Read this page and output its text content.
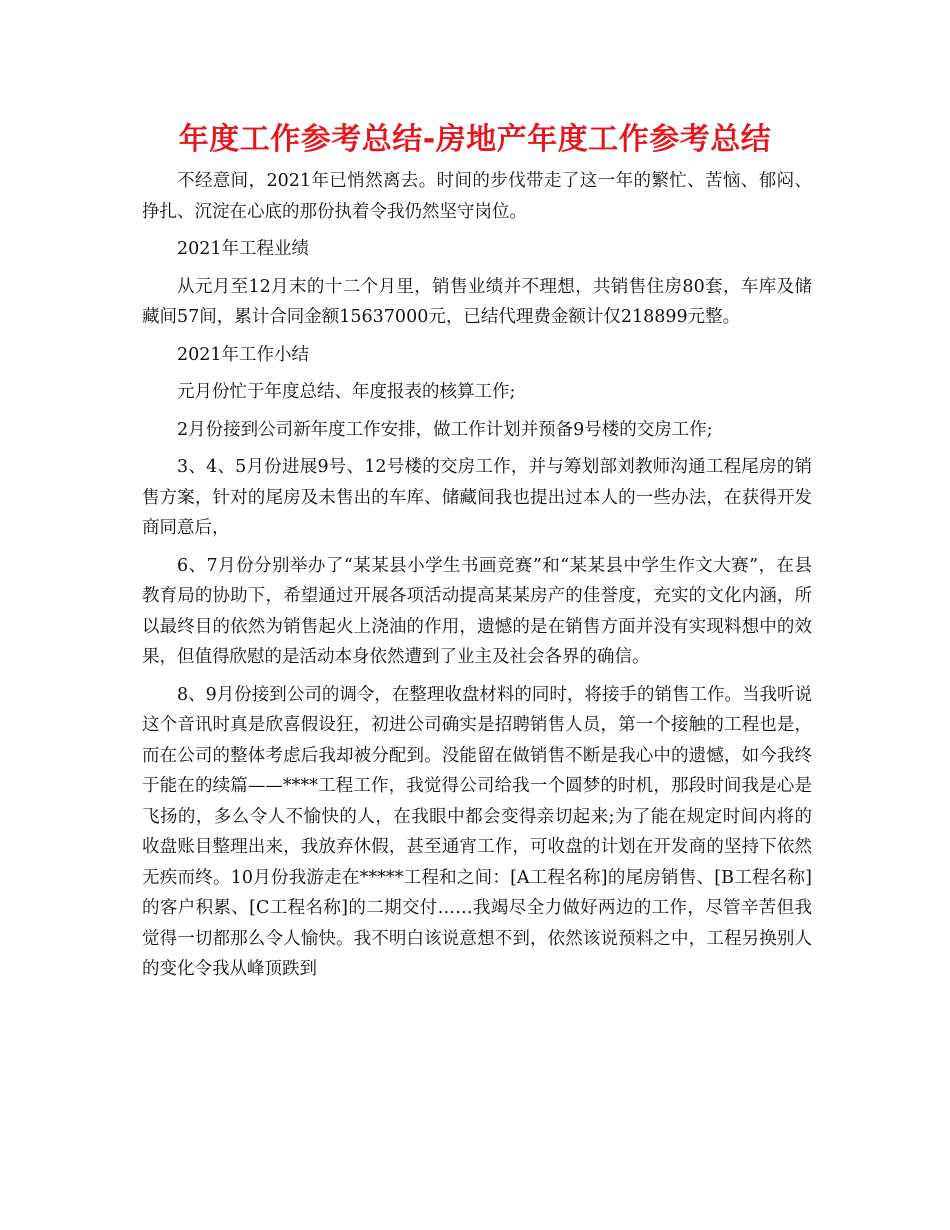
年度工作参考总结-房地产年度工作参考总结

不经意间，2021年已悄然离去。时间的步伐带走了这一年的繁忙、苦恼、郁闷、挣扎、沉淀在心底的那份执着令我仍然坚守岗位。

2021年工程业绩

从元月至12月末的十二个月里，销售业绩并不理想，共销售住房80套，车库及储藏间57间，累计合同金额15637000元，已结代理费金额计仅218899元整。

2021年工作小结

元月份忙于年度总结、年度报表的核算工作;

2月份接到公司新年度工作安排，做工作计划并预备9号楼的交房工作;

3、4、5月份进展9号、12号楼的交房工作，并与筹划部刘教师沟通工程尾房的销售方案，针对的尾房及未售出的车库、储藏间我也提出过本人的一些办法，在获得开发商同意后，

6、7月份分别举办了“某某县小学生书画竞赛”和“某某县中学生作文大赛”，在县教育局的协助下，希望通过开展各项活动提高某某房产的佳誉度，充实的文化内涵，所以最终目的依然为销售起火上浇油的作用，遗憾的是在销售方面并没有实现料想中的效果，但值得欣慰的是活动本身依然遭到了业主及社会各界的确信。

8、9月份接到公司的调令，在整理收盘材料的同时，将接手的销售工作。当我听说这个音讯时真是欣喜假设狂，初进公司确实是招聘销售人员，第一个接触的工程也是，而在公司的整体考虑后我却被分配到。没能留在做销售不断是我心中的遗憾，如今我终于能在的续篇——****工程工作，我觉得公司给我一个圆梦的时机，那段时间我是心是飞扬的，多么令人不愉快的人，在我眼中都会变得亲切起来;为了能在规定时间内将的收盘账目整理出来，我放弃休假，甚至通宵工作，可收盘的计划在开发商的坚持下依然无疾而终。10月份我游走在*****工程和之间：[A工程名称]的尾房销售、[B工程名称]的客户积累、[C工程名称]的二期交付……我竭尽全力做好两边的工作，尽管辛苦但我觉得一切都那么令人愉快。我不明白该说意想不到，依然该说预料之中，工程另换别人的变化令我从峰顶跌到
